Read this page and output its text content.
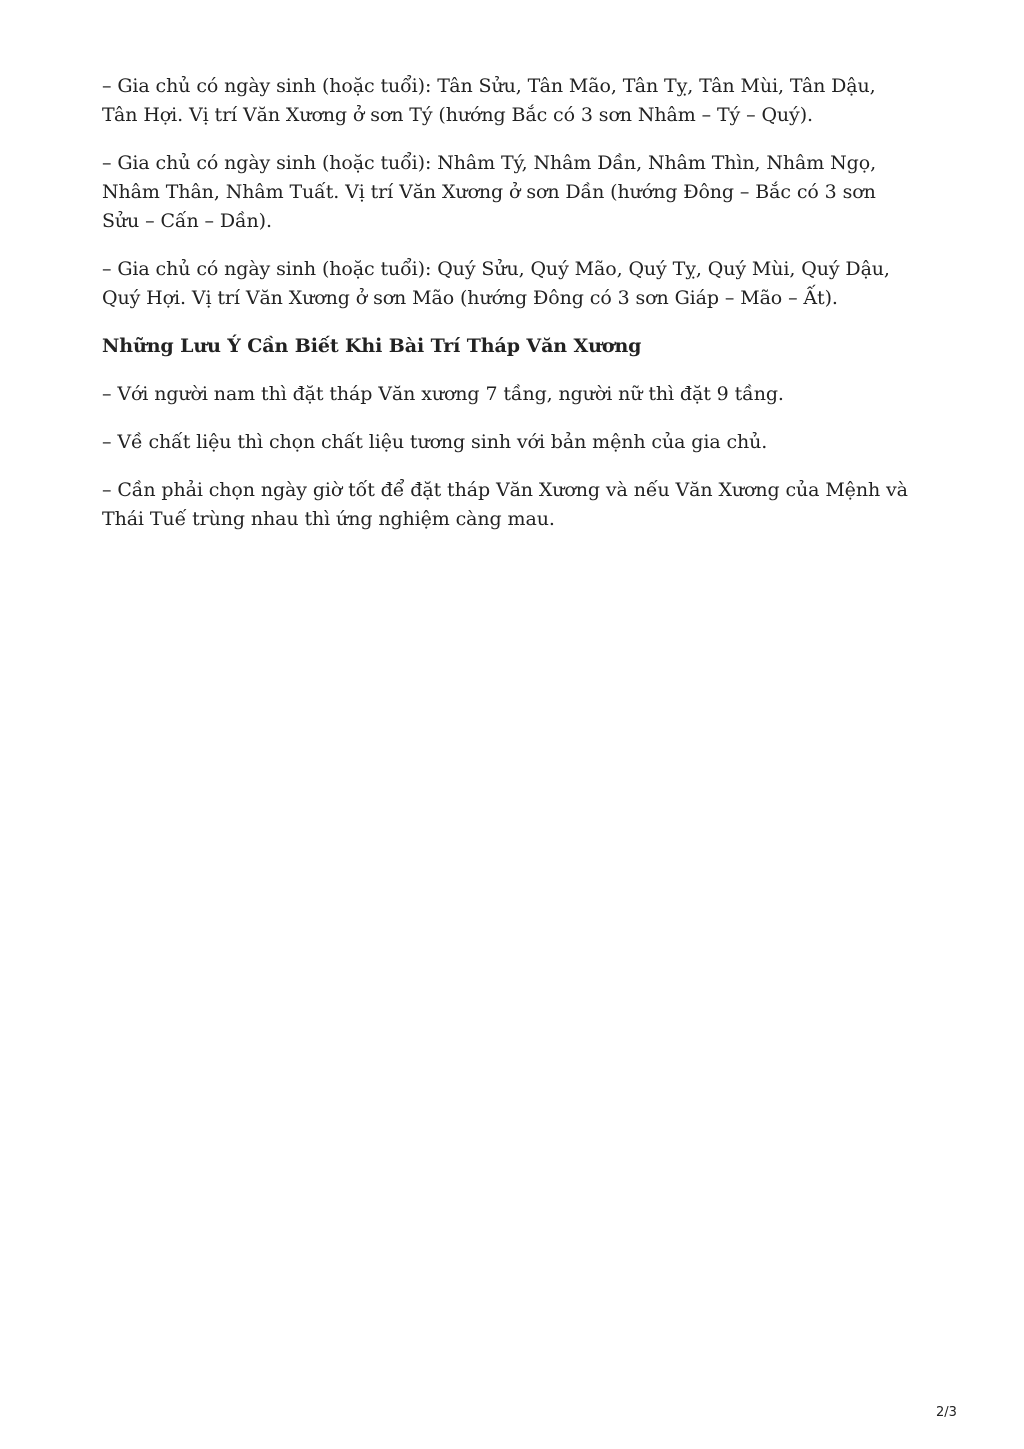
– Gia chủ có ngày sinh (hoặc tuổi): Tân Sửu, Tân Mão, Tân Tỵ, Tân Mùi, Tân Dậu, Tân Hợi. Vị trí Văn Xương ở sơn Tý (hướng Bắc có 3 sơn Nhâm – Tý – Quý).

– Gia chủ có ngày sinh (hoặc tuổi): Nhâm Tý, Nhâm Dần, Nhâm Thìn, Nhâm Ngọ, Nhâm Thân, Nhâm Tuất. Vị trí Văn Xương ở sơn Dần (hướng Đông – Bắc có 3 sơn Sửu – Cấn – Dần).

– Gia chủ có ngày sinh (hoặc tuổi): Quý Sửu, Quý Mão, Quý Tỵ, Quý Mùi, Quý Dậu, Quý Hợi. Vị trí Văn Xương ở sơn Mão (hướng Đông có 3 sơn Giáp – Mão – Ất).

Những Lưu Ý Cần Biết Khi Bài Trí Tháp Văn Xương

– Với người nam thì đặt tháp Văn xương 7 tầng, người nữ thì đặt 9 tầng.

– Về chất liệu thì chọn chất liệu tương sinh với bản mệnh của gia chủ.

– Cần phải chọn ngày giờ tốt để đặt tháp Văn Xương và nếu Văn Xương của Mệnh và Thái Tuế trùng nhau thì ứng nghiệm càng mau.

2/3
